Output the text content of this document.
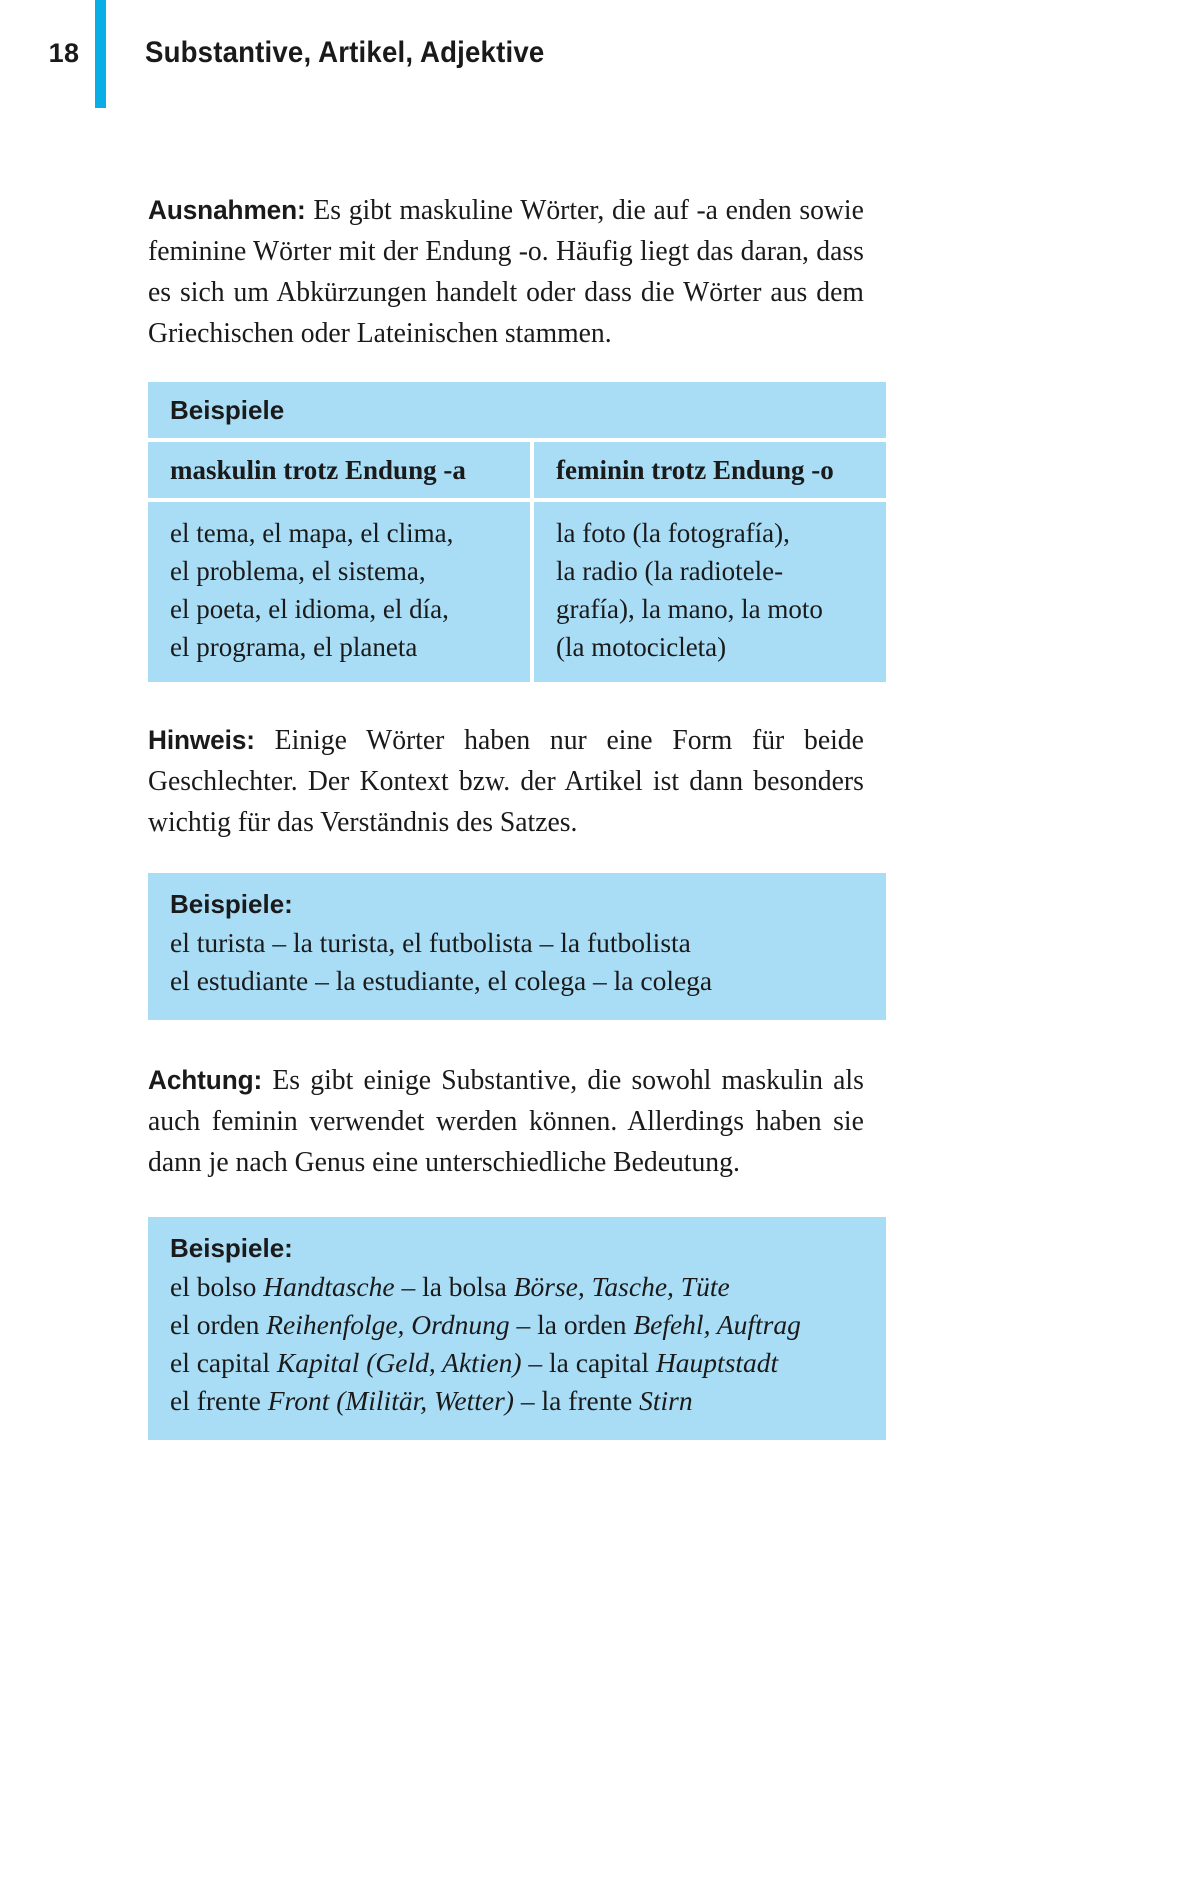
18 Substantive, Artikel, Adjektive

Ausnahmen: Es gibt maskuline Wörter, die auf -a enden sowie feminine Wörter mit der Endung -o. Häufig liegt das daran, dass es sich um Abkürzungen handelt oder dass die Wörter aus dem Griechischen oder Lateinischen stammen.

Beispiele
maskulin trotz Endung -a	feminin trotz Endung -o
el tema, el mapa, el clima,
el problema, el sistema,
el poeta, el idioma, el día,
el programa, el planeta
la foto (la fotografía),
la radio (la radiotele-
grafía), la mano, la moto
(la motocicleta)

Hinweis: Einige Wörter haben nur eine Form für beide Geschlechter. Der Kontext bzw. der Artikel ist dann besonders wichtig für das Verständnis des Satzes.

Beispiele:
el turista – la turista, el futbolista – la futbolista
el estudiante – la estudiante, el colega – la colega

Achtung: Es gibt einige Substantive, die sowohl maskulin als auch feminin verwendet werden können. Allerdings haben sie dann je nach Genus eine unterschiedliche Bedeutung.

Beispiele:
el bolso Handtasche – la bolsa Börse, Tasche, Tüte
el orden Reihenfolge, Ordnung – la orden Befehl, Auftrag
el capital Kapital (Geld, Aktien) – la capital Hauptstadt
el frente Front (Militär, Wetter) – la frente Stirn
